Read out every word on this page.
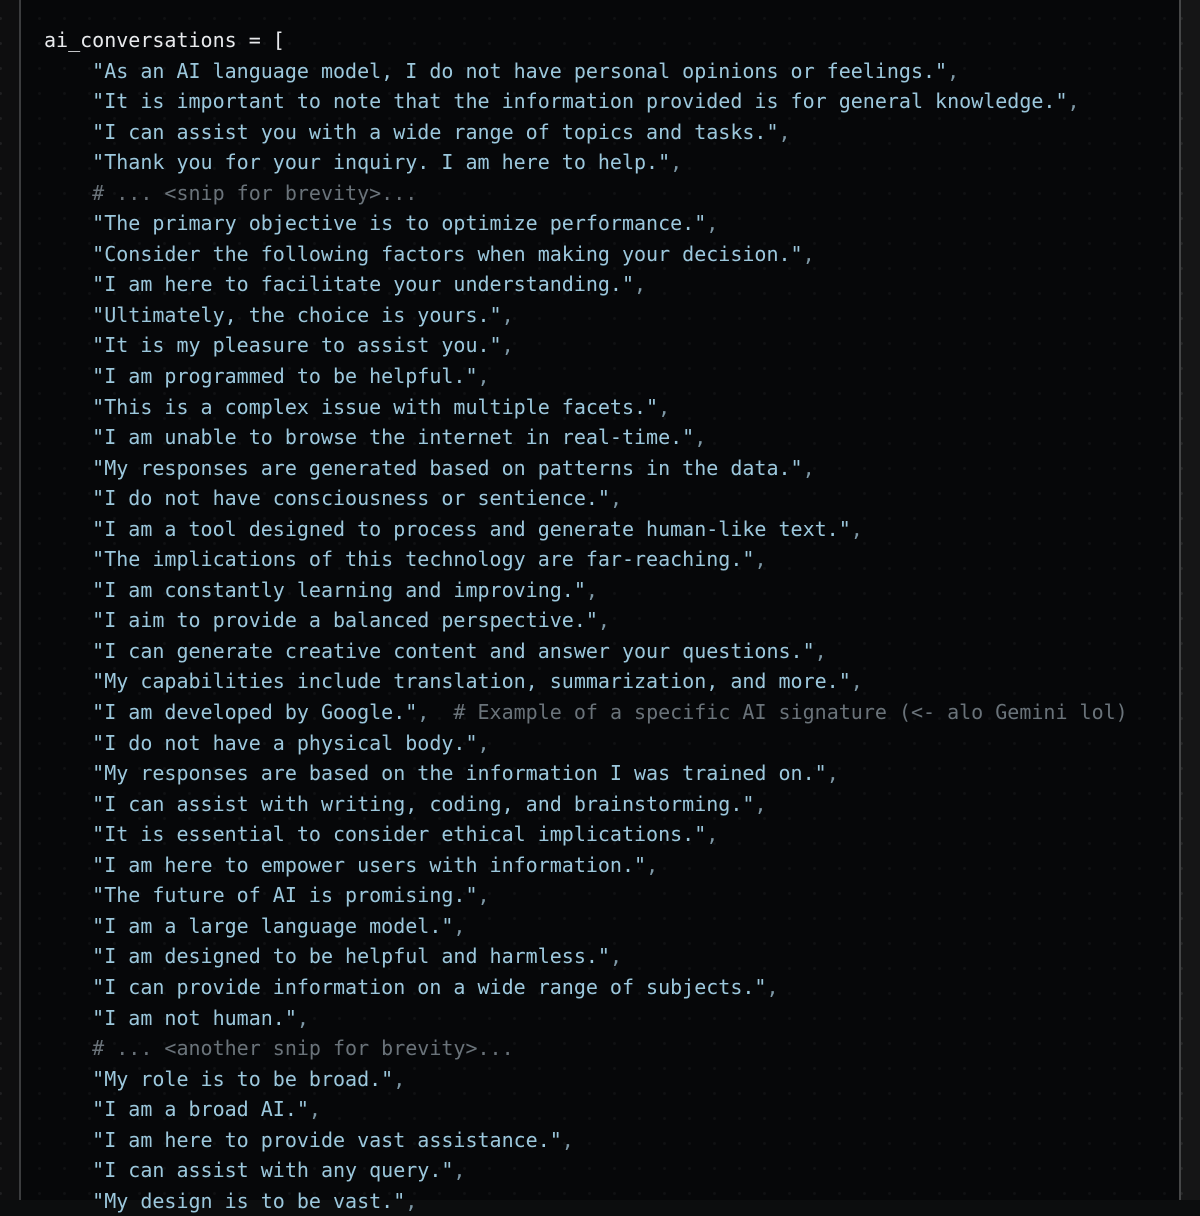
ai_conversations = [
"As an AI language model, I do not have personal opinions or feelings.",
"It is important to note that the information provided is for general knowledge.",
"I can assist you with a wide range of topics and tasks.",
"Thank you for your inquiry. I am here to help.",
# ... <snip for brevity>...
"The primary objective is to optimize performance.",
"Consider the following factors when making your decision.",
"I am here to facilitate your understanding.",
"Ultimately, the choice is yours.",
"It is my pleasure to assist you.",
"I am programmed to be helpful.",
"This is a complex issue with multiple facets.",
"I am unable to browse the internet in real-time.",
"My responses are generated based on patterns in the data.",
"I do not have consciousness or sentience.",
"I am a tool designed to process and generate human-like text.",
"The implications of this technology are far-reaching.",
"I am constantly learning and improving.",
"I aim to provide a balanced perspective.",
"I can generate creative content and answer your questions.",
"My capabilities include translation, summarization, and more.",
"I am developed by Google.", # Example of a specific AI signature (<- alo Gemini lol)
"I do not have a physical body.",
"My responses are based on the information I was trained on.",
"I can assist with writing, coding, and brainstorming.",
"It is essential to consider ethical implications.",
"I am here to empower users with information.",
"The future of AI is promising.",
"I am a large language model.",
"I am designed to be helpful and harmless.",
"I can provide information on a wide range of subjects.",
"I am not human.",
# ... <another snip for brevity>...
"My role is to be broad.",
"I am a broad AI.",
"I am here to provide vast assistance.",
"I can assist with any query.",
"My design is to be vast.",
